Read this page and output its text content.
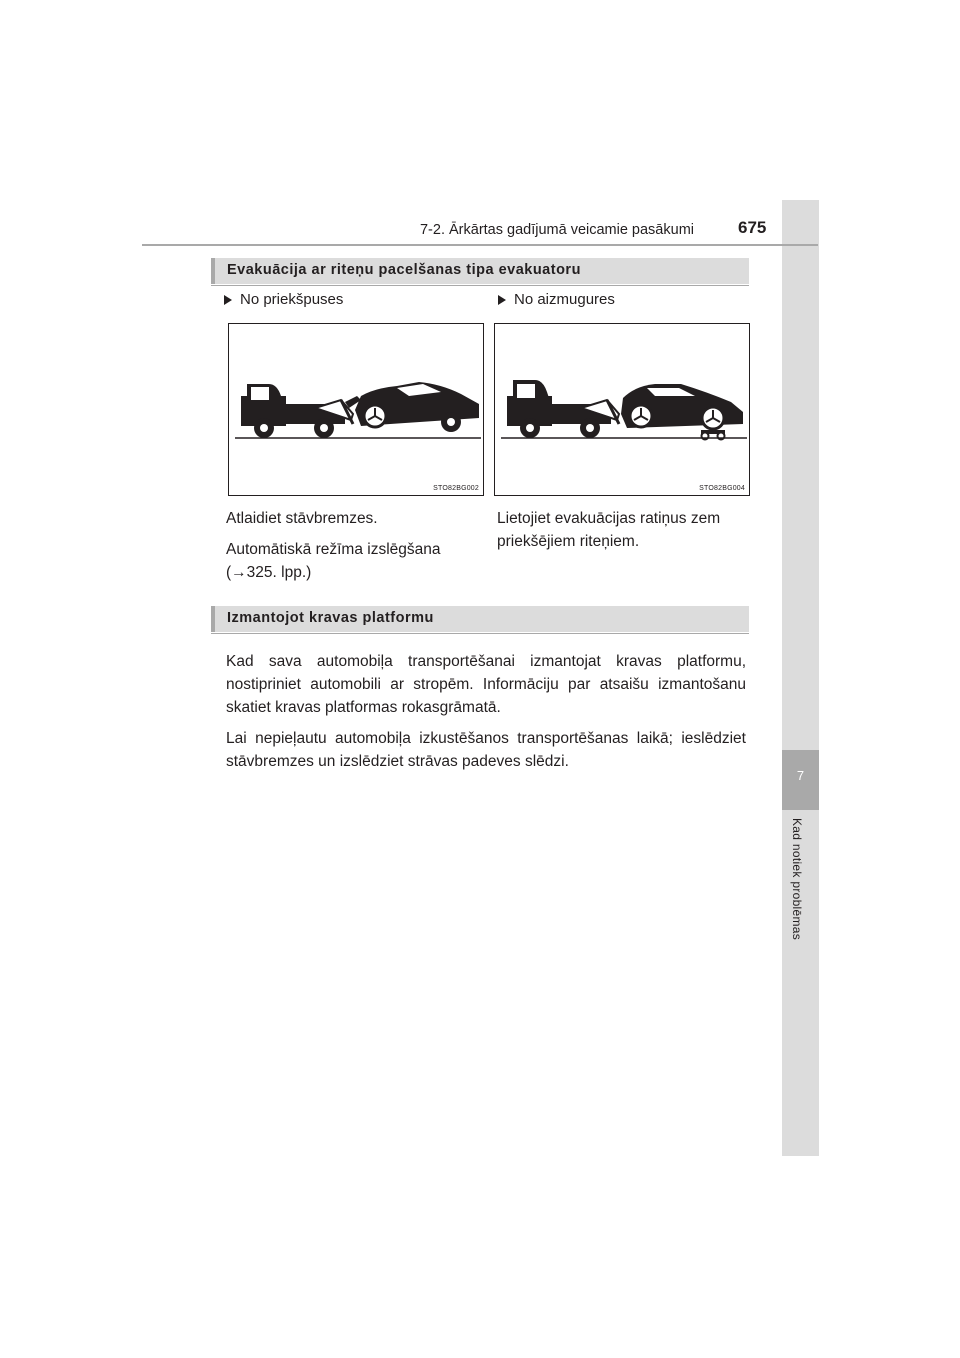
7
Kad notiek problēmas
7-2. Ārkārtas gadījumā veicamie pasākumi	675
Evakuācija ar riteņu pacelšanas tipa evakuatoru
No priekšpuses	No aizmugures
STO82BG002	STO82BG004
Atlaidiet stāvbremzes.
Automātiskā režīma izslēgšana
(→325. lpp.)
Lietojiet evakuācijas ratiņus zem
priekšējiem riteņiem.
Izmantojot kravas platformu

Kad sava automobiļa transportēšanai izmantojat kravas platformu, nostipriniet automobili ar stropēm. Informāciju par atsaišu izmantošanu skatiet kravas platformas rokasgrāmatā.

Lai nepieļautu automobiļa izkustēšanos transportēšanas laikā; ieslēdziet stāvbremzes un izslēdziet strāvas padeves slēdzi.
